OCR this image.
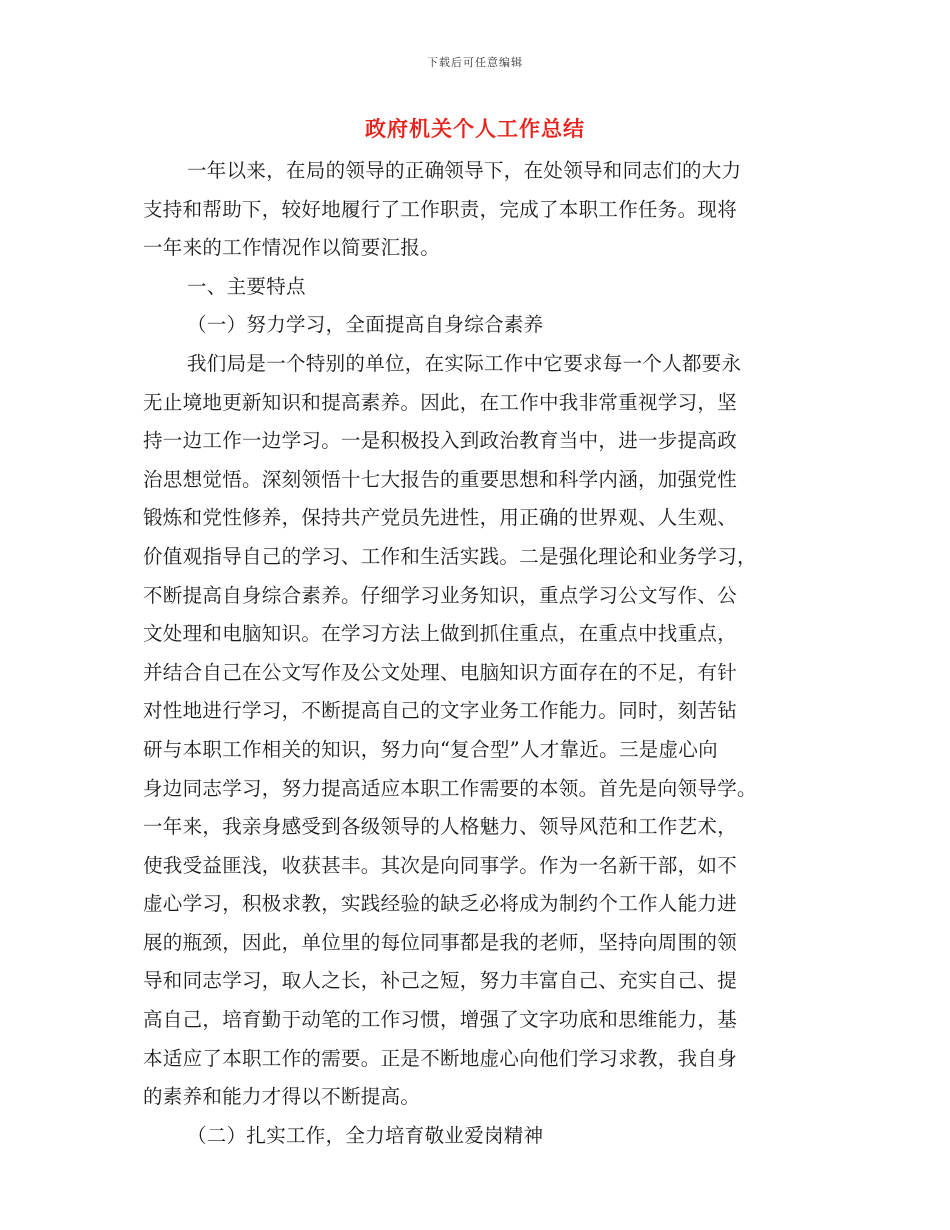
下载后可任意编辑
政府机关个人工作总结
一年以来，在局的领导的正确领导下，在处领导和同志们的大力
支持和帮助下，较好地履行了工作职责，完成了本职工作任务。现将
一年来的工作情况作以简要汇报。
一、主要特点
（一）努力学习，全面提高自身综合素养
我们局是一个特别的单位，在实际工作中它要求每一个人都要永
无止境地更新知识和提高素养。因此，在工作中我非常重视学习，坚
持一边工作一边学习。一是积极投入到政治教育当中，进一步提高政
治思想觉悟。深刻领悟十七大报告的重要思想和科学内涵，加强党性
锻炼和党性修养，保持共产党员先进性，用正确的世界观、人生观、
价值观指导自己的学习、工作和生活实践。二是强化理论和业务学习，
不断提高自身综合素养。仔细学习业务知识，重点学习公文写作、公
文处理和电脑知识。在学习方法上做到抓住重点，在重点中找重点，
并结合自己在公文写作及公文处理、电脑知识方面存在的不足，有针
对性地进行学习，不断提高自己的文字业务工作能力。同时，刻苦钻
研与本职工作相关的知识，努力向“复合型”人才靠近。三是虚心向
身边同志学习，努力提高适应本职工作需要的本领。首先是向领导学。
一年来，我亲身感受到各级领导的人格魅力、领导风范和工作艺术，
使我受益匪浅，收获甚丰。其次是向同事学。作为一名新干部，如不
虚心学习，积极求教，实践经验的缺乏必将成为制约个工作人能力进
展的瓶颈，因此，单位里的每位同事都是我的老师，坚持向周围的领
导和同志学习，取人之长，补己之短，努力丰富自己、充实自己、提
高自己，培育勤于动笔的工作习惯，增强了文字功底和思维能力，基
本适应了本职工作的需要。正是不断地虚心向他们学习求教，我自身
的素养和能力才得以不断提高。
（二）扎实工作，全力培育敬业爱岗精神
